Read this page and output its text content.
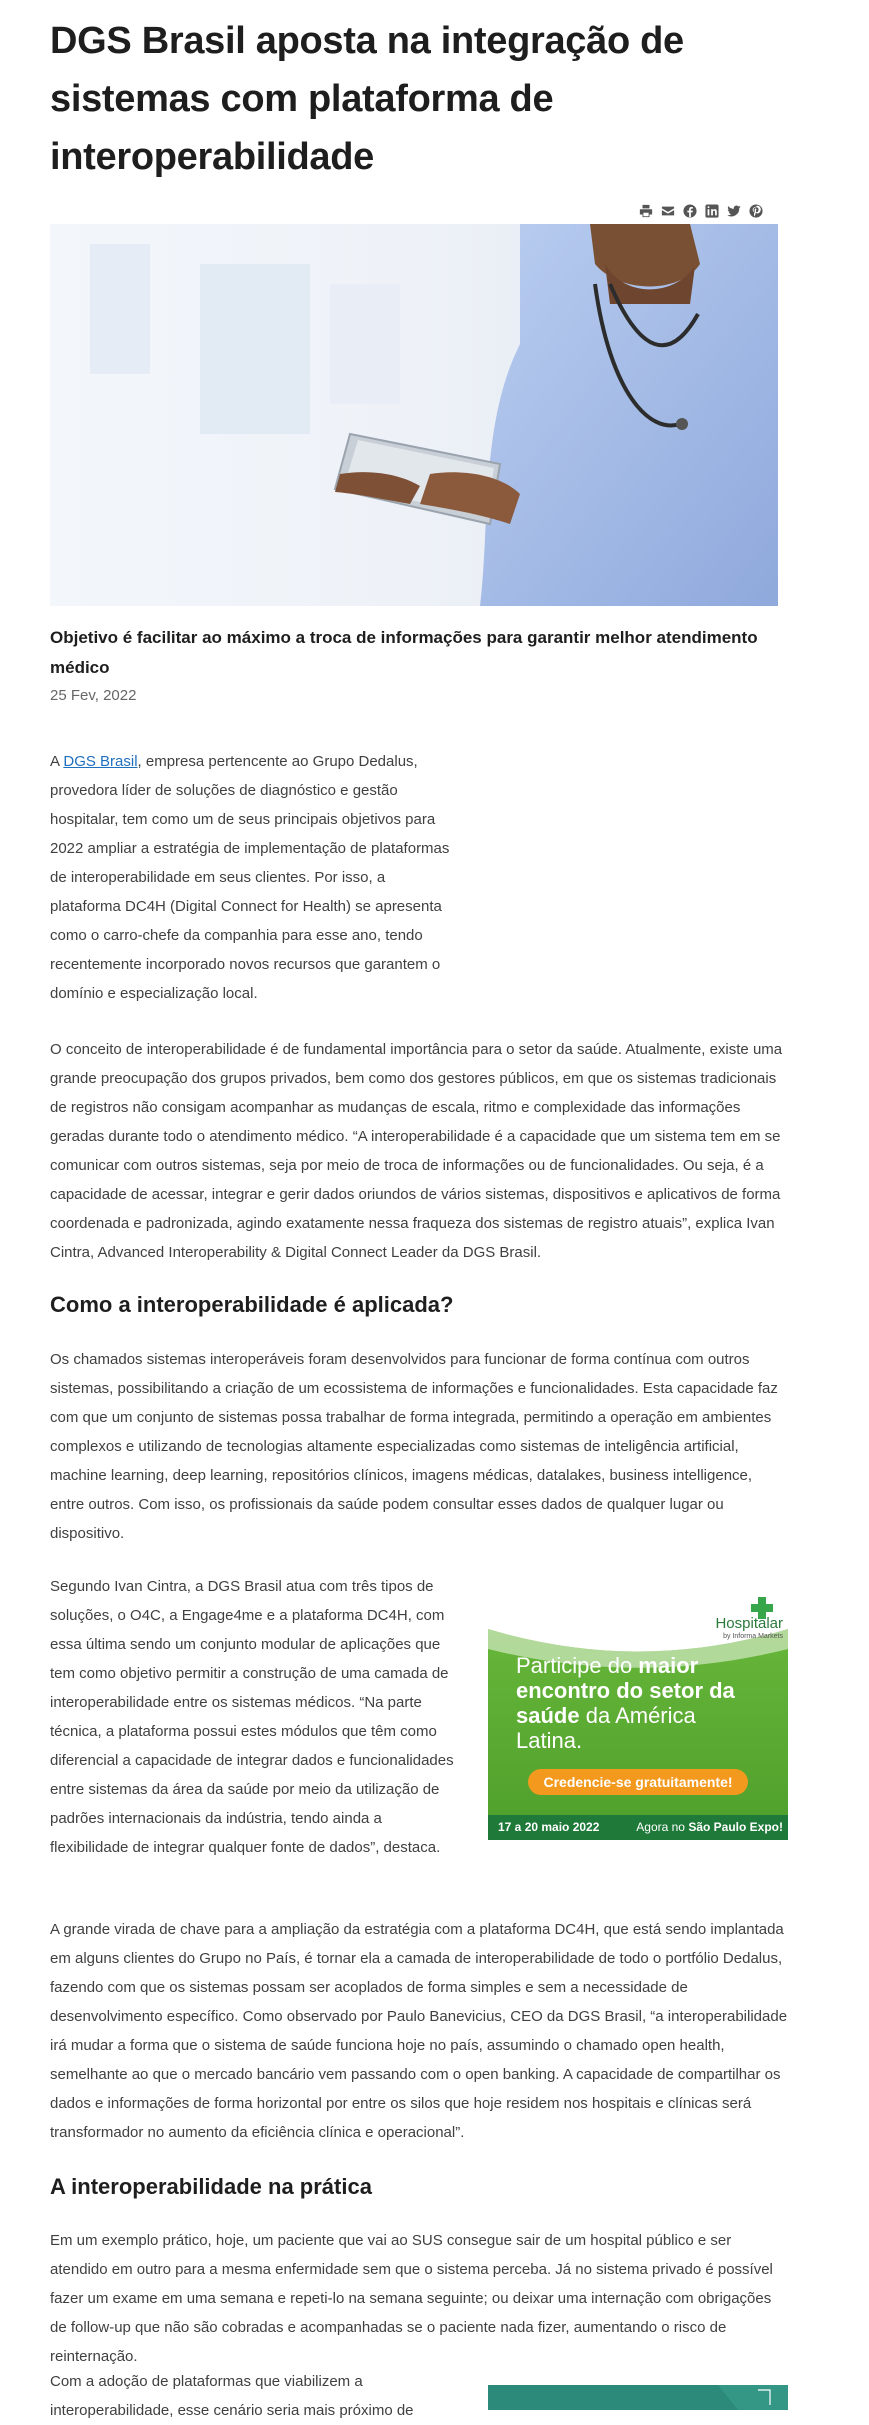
DGS Brasil aposta na integração de sistemas com plataforma de interoperabilidade
Objetivo é facilitar ao máximo a troca de informações para garantir melhor atendimento médico
25 Fev, 2022

A DGS Brasil, empresa pertencente ao Grupo Dedalus, provedora líder de soluções de diagnóstico e gestão hospitalar, tem como um de seus principais objetivos para 2022 ampliar a estratégia de implementação de plataformas de interoperabilidade em seus clientes. Por isso, a plataforma DC4H (Digital Connect for Health) se apresenta como o carro-chefe da companhia para esse ano, tendo recentemente incorporado novos recursos que garantem o domínio e especialização local.

O conceito de interoperabilidade é de fundamental importância para o setor da saúde. Atualmente, existe uma grande preocupação dos grupos privados, bem como dos gestores públicos, em que os sistemas tradicionais de registros não consigam acompanhar as mudanças de escala, ritmo e complexidade das informações geradas durante todo o atendimento médico. “A interoperabilidade é a capacidade que um sistema tem em se comunicar com outros sistemas, seja por meio de troca de informações ou de funcionalidades. Ou seja, é a capacidade de acessar, integrar e gerir dados oriundos de vários sistemas, dispositivos e aplicativos de forma coordenada e padronizada, agindo exatamente nessa fraqueza dos sistemas de registro atuais”, explica Ivan Cintra, Advanced Interoperability & Digital Connect Leader da DGS Brasil.

Como a interoperabilidade é aplicada?

Os chamados sistemas interoperáveis foram desenvolvidos para funcionar de forma contínua com outros sistemas, possibilitando a criação de um ecossistema de informações e funcionalidades. Esta capacidade faz com que um conjunto de sistemas possa trabalhar de forma integrada, permitindo a operação em ambientes complexos e utilizando de tecnologias altamente especializadas como sistemas de inteligência artificial, machine learning, deep learning, repositórios clínicos, imagens médicas, datalakes, business intelligence, entre outros. Com isso, os profissionais da saúde podem consultar esses dados de qualquer lugar ou dispositivo.

Segundo Ivan Cintra, a DGS Brasil atua com três tipos de soluções, o O4C, a Engage4me e a plataforma DC4H, com essa última sendo um conjunto modular de aplicações que tem como objetivo permitir a construção de uma camada de interoperabilidade entre os sistemas médicos. “Na parte técnica, a plataforma possui estes módulos que têm como diferencial a capacidade de integrar dados e funcionalidades entre sistemas da área da saúde por meio da utilização de padrões internacionais da indústria, tendo ainda a flexibilidade de integrar qualquer fonte de dados”, destaca.

Hospitalar
by Informa Markets
Participe do maior
encontro do setor da
saúde da América
Latina.
Credencie-se gratuitamente!
17 a 20 maio 2022	Agora no São Paulo Expo!

A grande virada de chave para a ampliação da estratégia com a plataforma DC4H, que está sendo implantada em alguns clientes do Grupo no País, é tornar ela a camada de interoperabilidade de todo o portfólio Dedalus, fazendo com que os sistemas possam ser acoplados de forma simples e sem a necessidade de desenvolvimento específico. Como observado por Paulo Banevicius, CEO da DGS Brasil, “a interoperabilidade irá mudar a forma que o sistema de saúde funciona hoje no país, assumindo o chamado open health, semelhante ao que o mercado bancário vem passando com o open banking. A capacidade de compartilhar os dados e informações de forma horizontal por entre os silos que hoje residem nos hospitais e clínicas será transformador no aumento da eficiência clínica e operacional”.

A interoperabilidade na prática

Em um exemplo prático, hoje, um paciente que vai ao SUS consegue sair de um hospital público e ser atendido em outro para a mesma enfermidade sem que o sistema perceba. Já no sistema privado é possível fazer um exame em uma semana e repeti-lo na semana seguinte; ou deixar uma internação com obrigações de follow-up que não são cobradas e acompanhadas se o paciente nada fizer, aumentando o risco de reinternação.

Com a adoção de plataformas que viabilizem a interoperabilidade, esse cenário seria mais próximo de
